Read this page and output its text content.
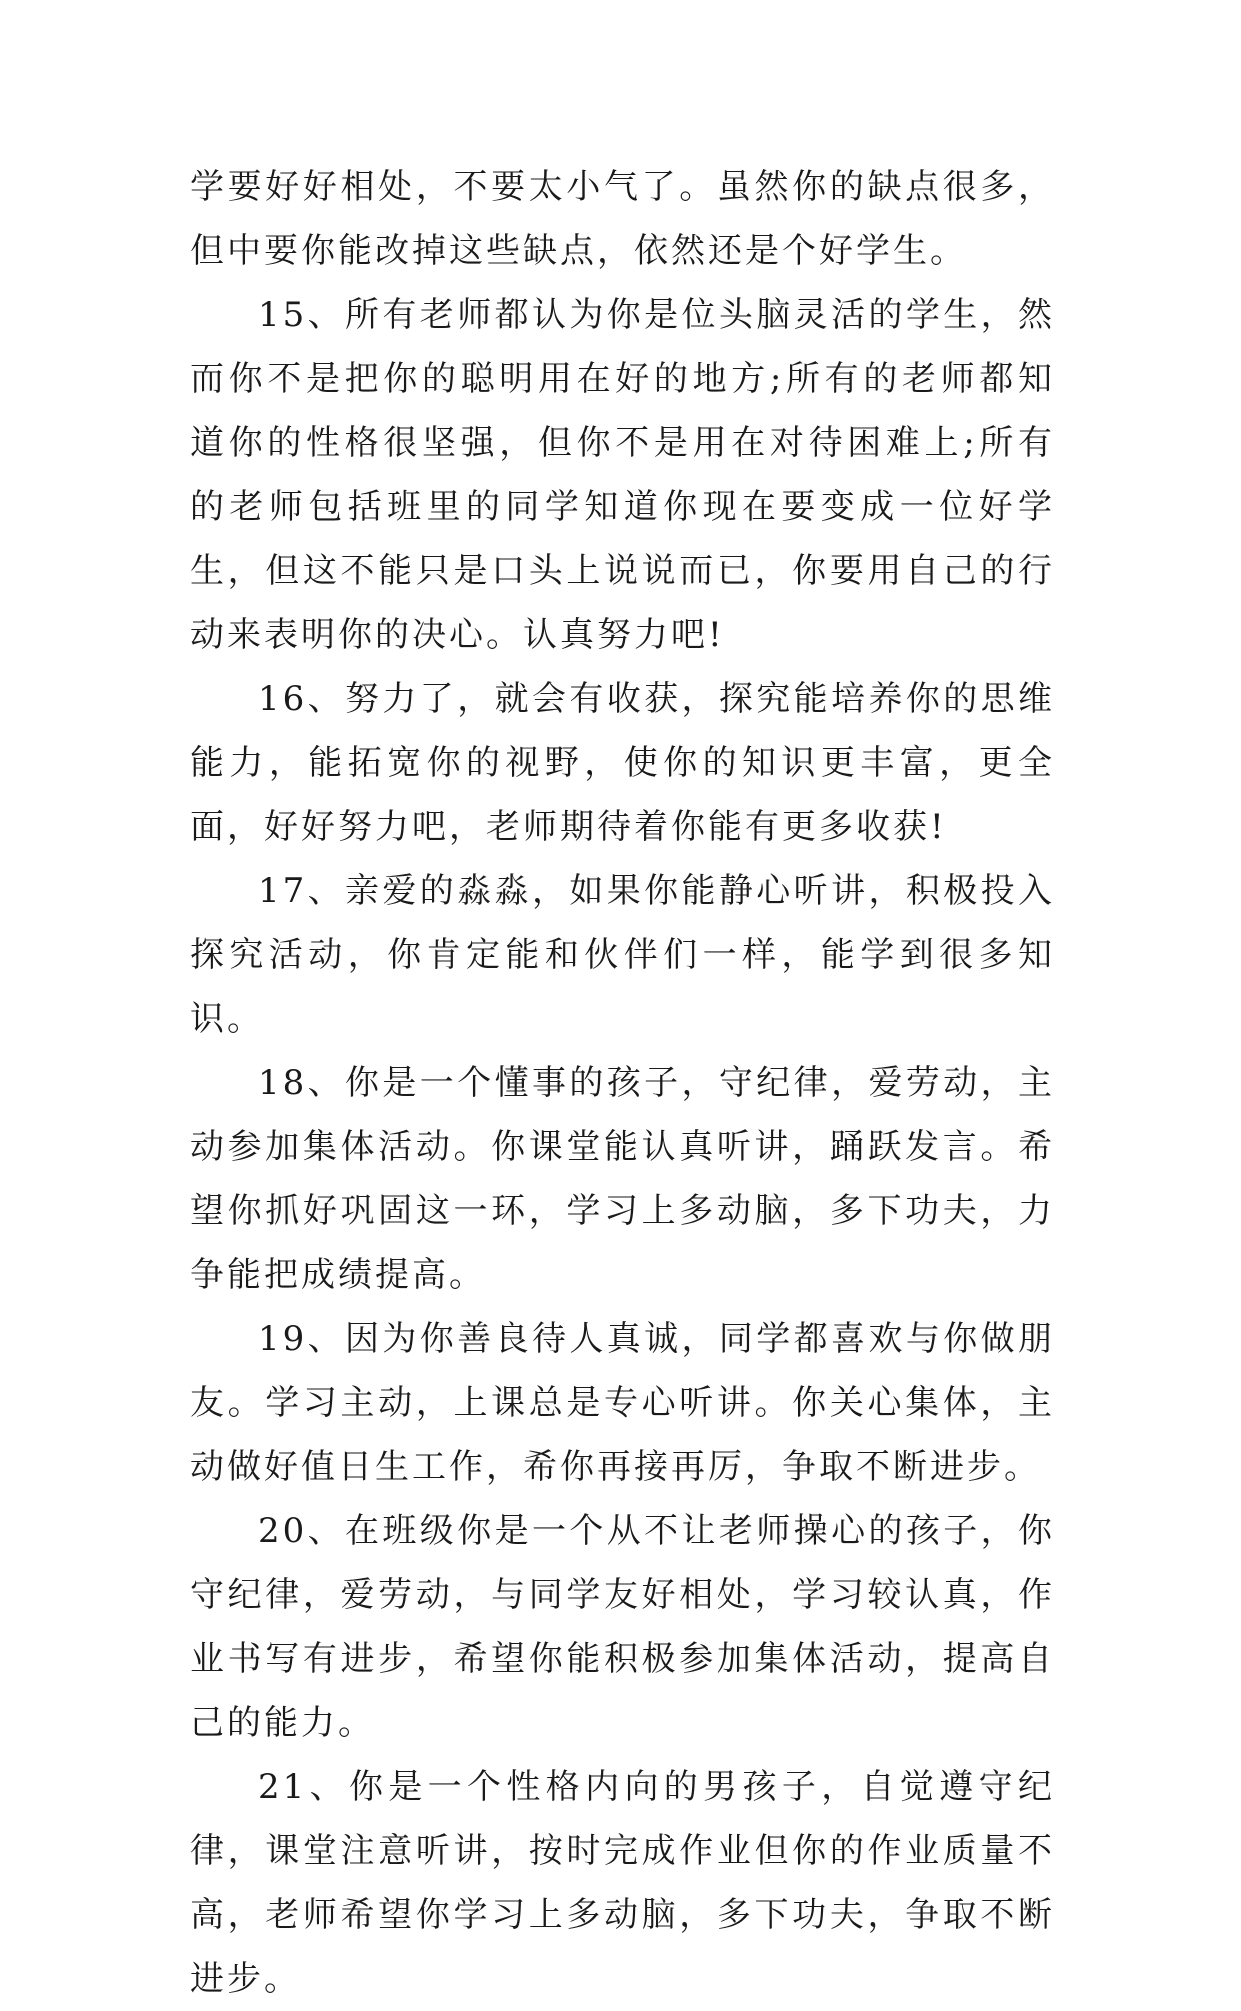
学要好好相处，不要太小气了。虽然你的缺点很多，但中要你能改掉这些缺点，依然还是个好学生。

15、所有老师都认为你是位头脑灵活的学生，然而你不是把你的聪明用在好的地方;所有的老师都知道你的性格很坚强，但你不是用在对待困难上;所有的老师包括班里的同学知道你现在要变成一位好学生，但这不能只是口头上说说而已，你要用自己的行动来表明你的决心。认真努力吧!

16、努力了，就会有收获，探究能培养你的思维能力，能拓宽你的视野，使你的知识更丰富，更全面，好好努力吧，老师期待着你能有更多收获!

17、亲爱的淼淼，如果你能静心听讲，积极投入探究活动，你肯定能和伙伴们一样，能学到很多知识。

18、你是一个懂事的孩子，守纪律，爱劳动，主动参加集体活动。你课堂能认真听讲，踊跃发言。希望你抓好巩固这一环，学习上多动脑，多下功夫，力争能把成绩提高。

19、因为你善良待人真诚，同学都喜欢与你做朋友。学习主动，上课总是专心听讲。你关心集体，主动做好值日生工作，希你再接再厉，争取不断进步。

20、在班级你是一个从不让老师操心的孩子，你守纪律，爱劳动，与同学友好相处，学习较认真，作业书写有进步，希望你能积极参加集体活动，提高自己的能力。

21、你是一个性格内向的男孩子，自觉遵守纪律，课堂注意听讲，按时完成作业但你的作业质量不高，老师希望你学习上多动脑，多下功夫，争取不断进步。
